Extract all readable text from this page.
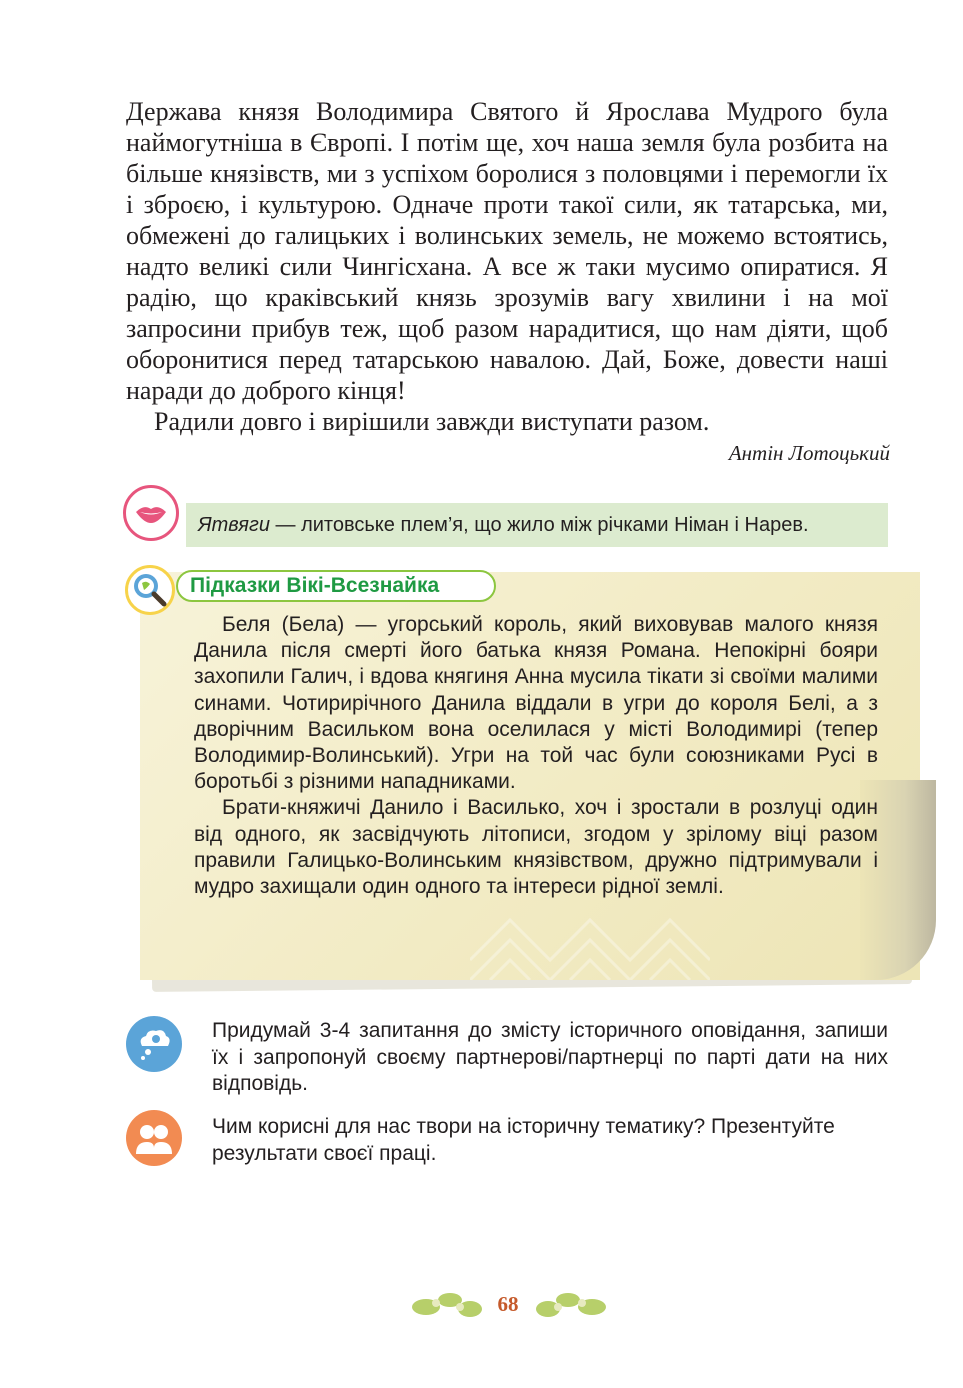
Держава князя Володимира Святого й Ярослава Мудрого була наймогутніша в Європі. І потім ще, хоч наша земля була розбита на більше князівств, ми з успіхом боролися з половцями і перемогли їх і зброєю, і культурою. Одначе проти такої сили, як татарська, ми, обмежені до галицьких і волинських земель, не можемо встоятись, надто великі сили Чингісхана. А все ж таки мусимо опиратися. Я радію, що краківський князь зрозумів вагу хвилини і на мої запросини прибув теж, щоб разом нарадитися, що нам діяти, щоб оборонитися перед татарською навалою. Дай, Боже, довести наші наради до доброго кінця!

Радили довго і вирішили завжди виступати разом.

Антін Лотоцький
Ятвяги — литовське плем’я, що жило між річками Німан і Нарев.
Підказки Вікі-Всезнайка

Беля (Бела) — угорський король, який виховував малого князя Данила після смерті його батька князя Романа. Непокірні бояри захопили Галич, і вдова княгиня Анна мусила тікати зі своїми малими синами. Чотирирічного Данила віддали в угри до короля Белі, а з дворічним Васильком вона оселилася у місті Володимирі (тепер Володимир-Волинський). Угри на той час були союзниками Русі в боротьбі з різними нападниками.

Брати-княжичі Данило і Василько, хоч і зростали в розлуці один від одного, як засвідчують літописи, згодом у зрілому віці разом правили Галицько-Волинським князівством, дружно підтримували і мудро захищали один одного та інтереси рідної землі.

Придумай 3-4 запитання до змісту історичного оповідання, запиши їх і запропонуй своєму партнерові/партнерці по парті дати на них відповідь.

Чим корисні для нас твори на історичну тематику? Презентуйте результати своєї праці.

68
